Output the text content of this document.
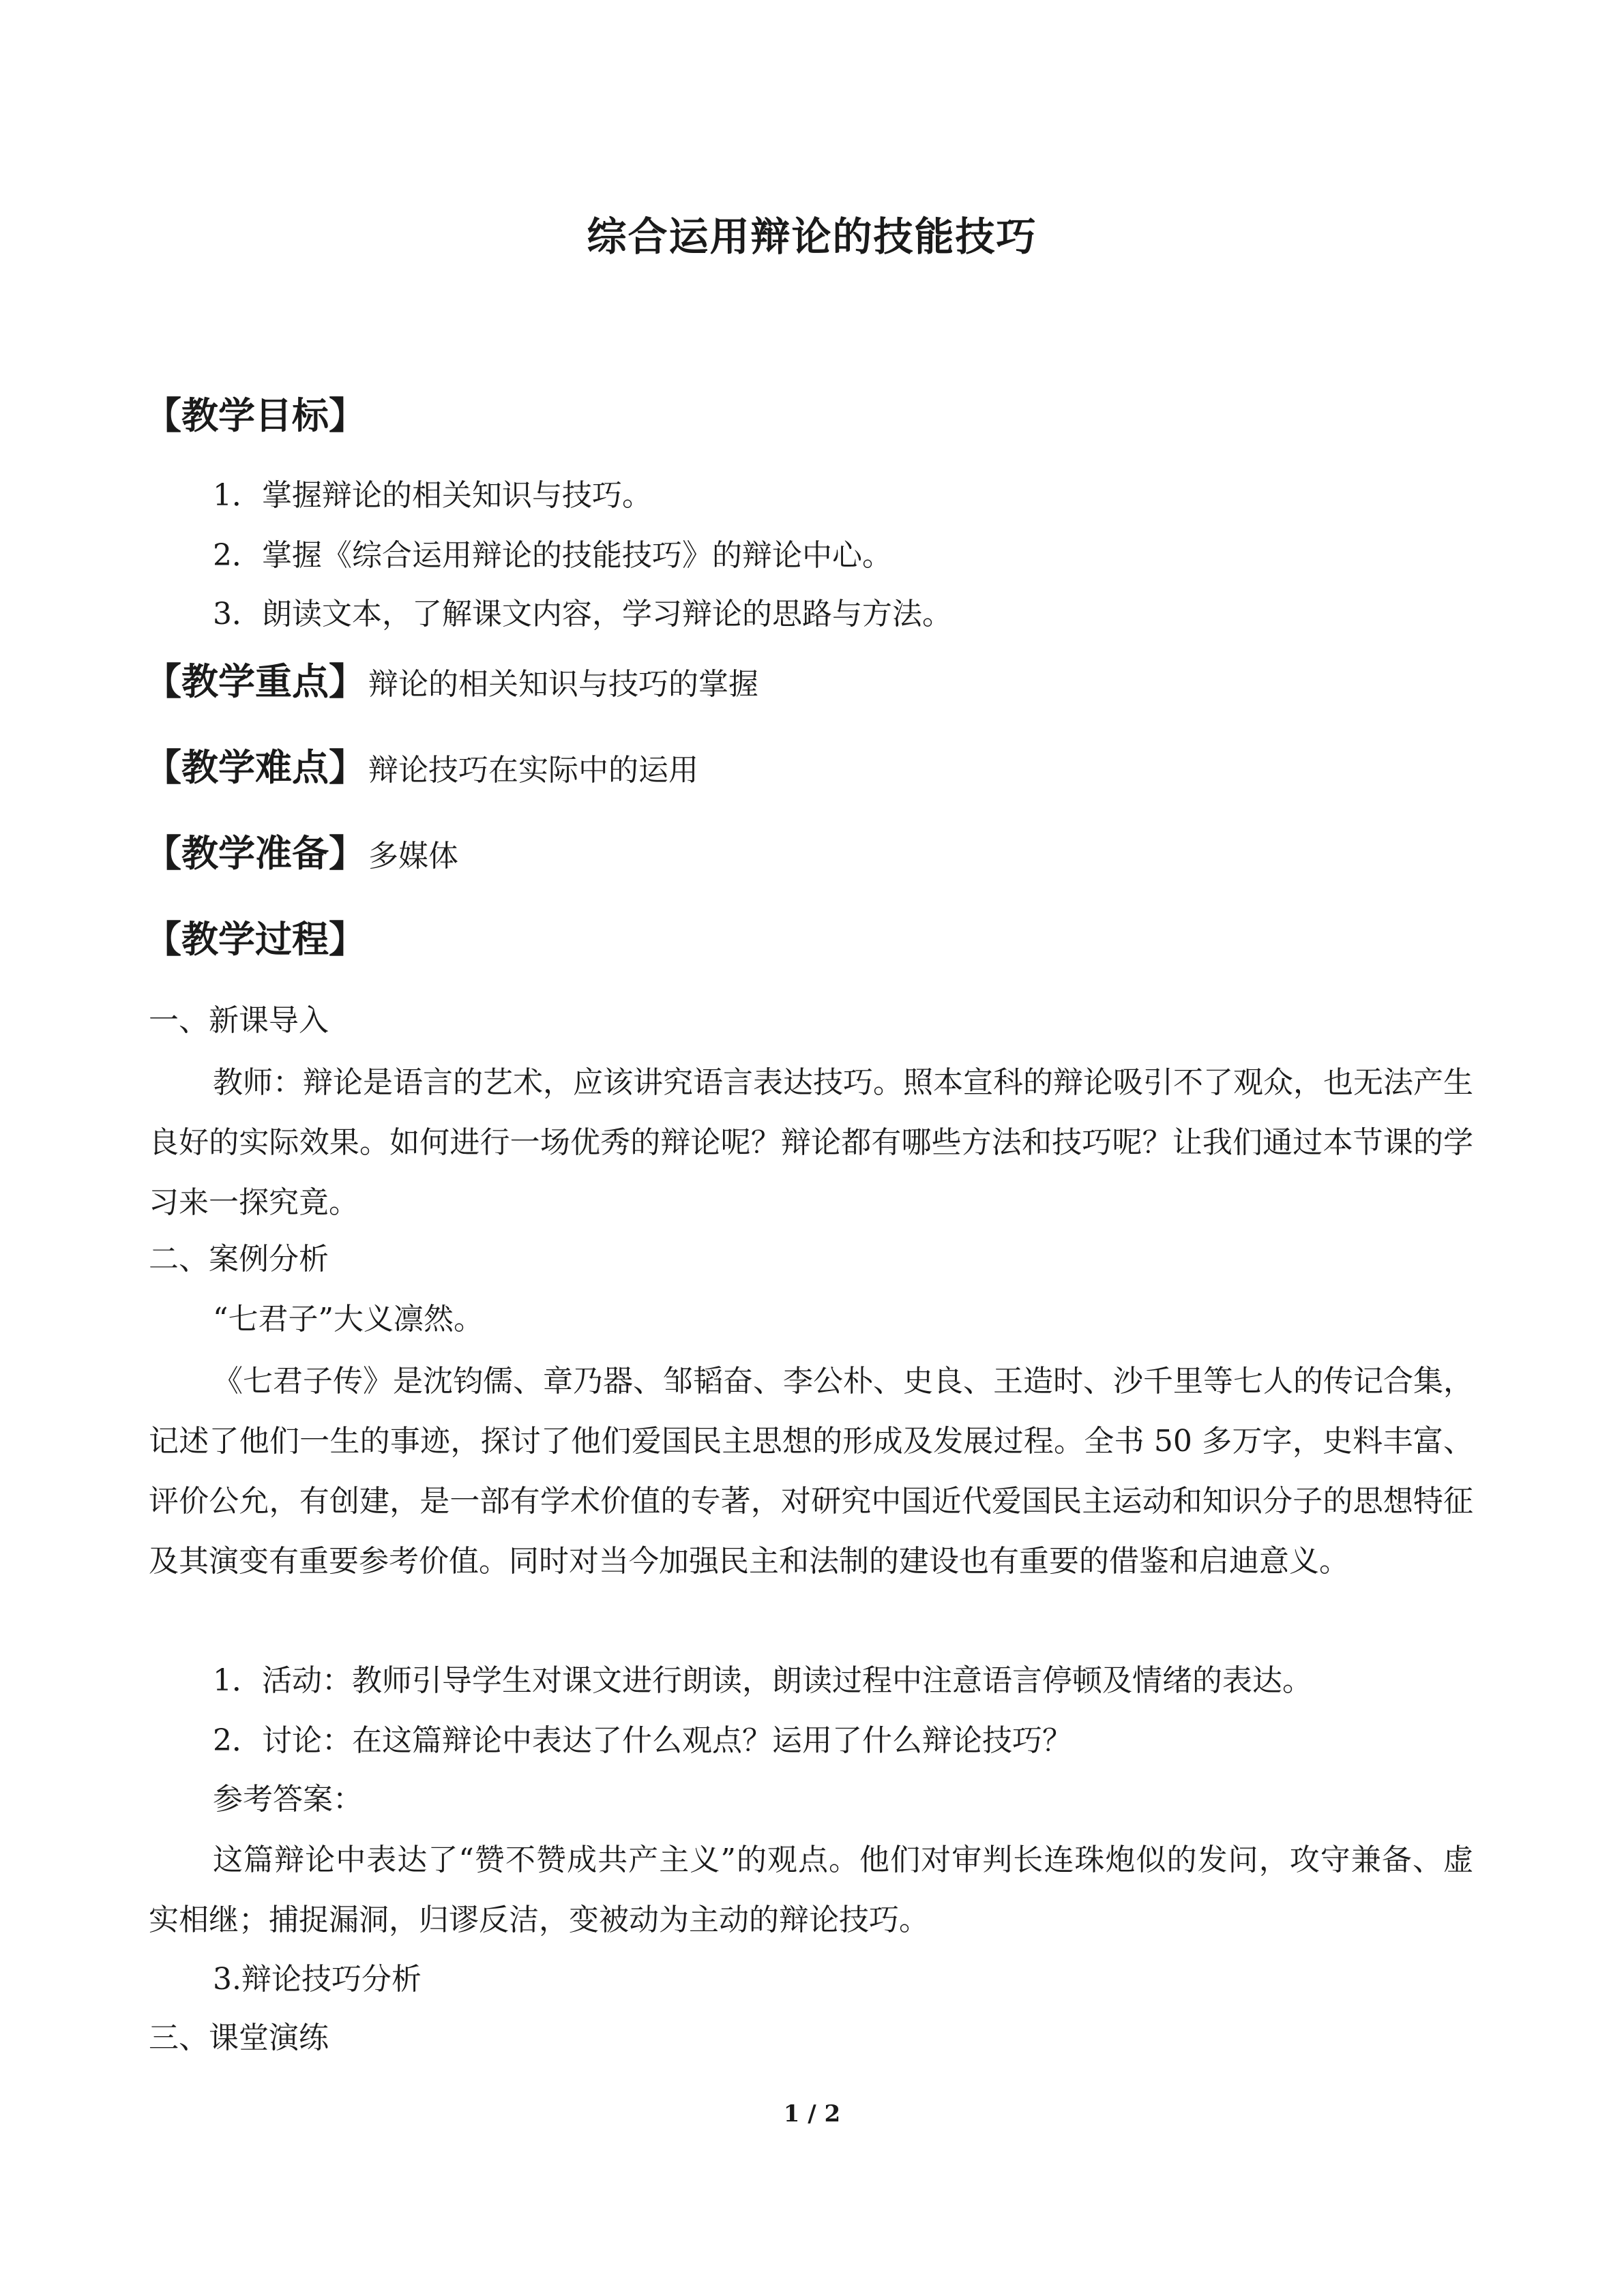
综合运用辩论的技能技巧
【教学目标】
1．掌握辩论的相关知识与技巧。
2．掌握《综合运用辩论的技能技巧》的辩论中心。
3．朗读文本，了解课文内容，学习辩论的思路与方法。
【教学重点】辩论的相关知识与技巧的掌握
【教学难点】辩论技巧在实际中的运用
【教学准备】多媒体
【教学过程】
一、新课导入
教师：辩论是语言的艺术，应该讲究语言表达技巧。照本宣科的辩论吸引不了观众，也无法产生良好的实际效果。如何进行一场优秀的辩论呢？辩论都有哪些方法和技巧呢？让我们通过本节课的学习来一探究竟。
二、案例分析
“七君子”大义凛然。
《七君子传》是沈钧儒、章乃器、邹韬奋、李公朴、史良、王造时、沙千里等七人的传记合集，记述了他们一生的事迹，探讨了他们爱国民主思想的形成及发展过程。全书 50 多万字，史料丰富、评价公允，有创建，是一部有学术价值的专著，对研究中国近代爱国民主运动和知识分子的思想特征及其演变有重要参考价值。同时对当今加强民主和法制的建设也有重要的借鉴和启迪意义。
1．活动：教师引导学生对课文进行朗读，朗读过程中注意语言停顿及情绪的表达。
2．讨论：在这篇辩论中表达了什么观点？运用了什么辩论技巧？
参考答案：
这篇辩论中表达了“赞不赞成共产主义”的观点。他们对审判长连珠炮似的发问，攻守兼备、虚实相继；捕捉漏洞，归谬反洁，变被动为主动的辩论技巧。
3.辩论技巧分析
三、课堂演练
1 / 2
